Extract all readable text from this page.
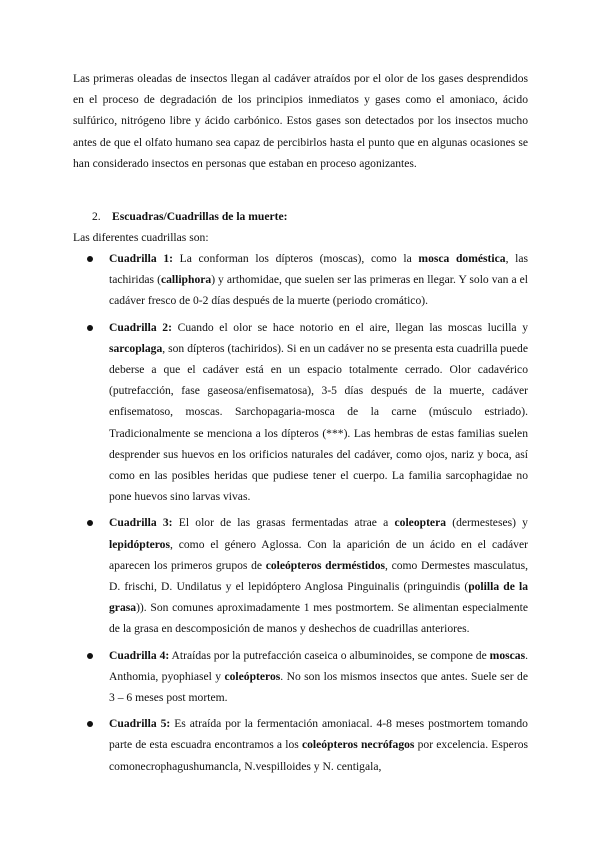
Las primeras oleadas de insectos llegan al cadáver atraídos por el olor de los gases desprendidos en el proceso de degradación de los principios inmediatos y gases como el amoniaco, ácido sulfúrico, nitrógeno libre y ácido carbónico. Estos gases son detectados por los insectos mucho antes de que el olfato humano sea capaz de percibirlos hasta el punto que en algunas ocasiones se han considerado insectos en personas que estaban en proceso agonizantes.

2. Escuadras/Cuadrillas de la muerte:
Las diferentes cuadrillas son:
Cuadrilla 1: La conforman los dípteros (moscas), como la mosca doméstica, las tachiridas (calliphora) y arthomidae, que suelen ser las primeras en llegar. Y solo van a el cadáver fresco de 0-2 días después de la muerte (periodo cromático).
Cuadrilla 2: Cuando el olor se hace notorio en el aire, llegan las moscas lucilla y sarcoplaga, son dípteros (tachiridos). Si en un cadáver no se presenta esta cuadrilla puede deberse a que el cadáver está en un espacio totalmente cerrado. Olor cadavérico (putrefacción, fase gaseosa/enfisematosa), 3-5 días después de la muerte, cadáver enfisematoso, moscas. Sarchopagaria-mosca de la carne (músculo estriado). Tradicionalmente se menciona a los dípteros (***). Las hembras de estas familias suelen desprender sus huevos en los orificios naturales del cadáver, como ojos, nariz y boca, así como en las posibles heridas que pudiese tener el cuerpo. La familia sarcophagidae no pone huevos sino larvas vivas.
Cuadrilla 3: El olor de las grasas fermentadas atrae a coleoptera (dermesteses) y lepidópteros, como el género Aglossa. Con la aparición de un ácido en el cadáver aparecen los primeros grupos de coleópteros derméstidos, como Dermestes masculatus, D. frischi, D. Undilatus y el lepidóptero Anglosa Pinguinalis (pringuindis (polilla de la grasa)). Son comunes aproximadamente 1 mes postmortem. Se alimentan especialmente de la grasa en descomposición de manos y deshechos de cuadrillas anteriores.
Cuadrilla 4: Atraídas por la putrefacción caseica o albuminoides, se compone de moscas. Anthomia, pyophiasel y coleópteros. No son los mismos insectos que antes. Suele ser de 3 – 6 meses post mortem.
Cuadrilla 5: Es atraída por la fermentación amoniacal. 4-8 meses postmortem tomando parte de esta escuadra encontramos a los coleópteros necrófagos por excelencia. Esperos comonecrophagushumancla, N.vespilloides y N. centigala,
